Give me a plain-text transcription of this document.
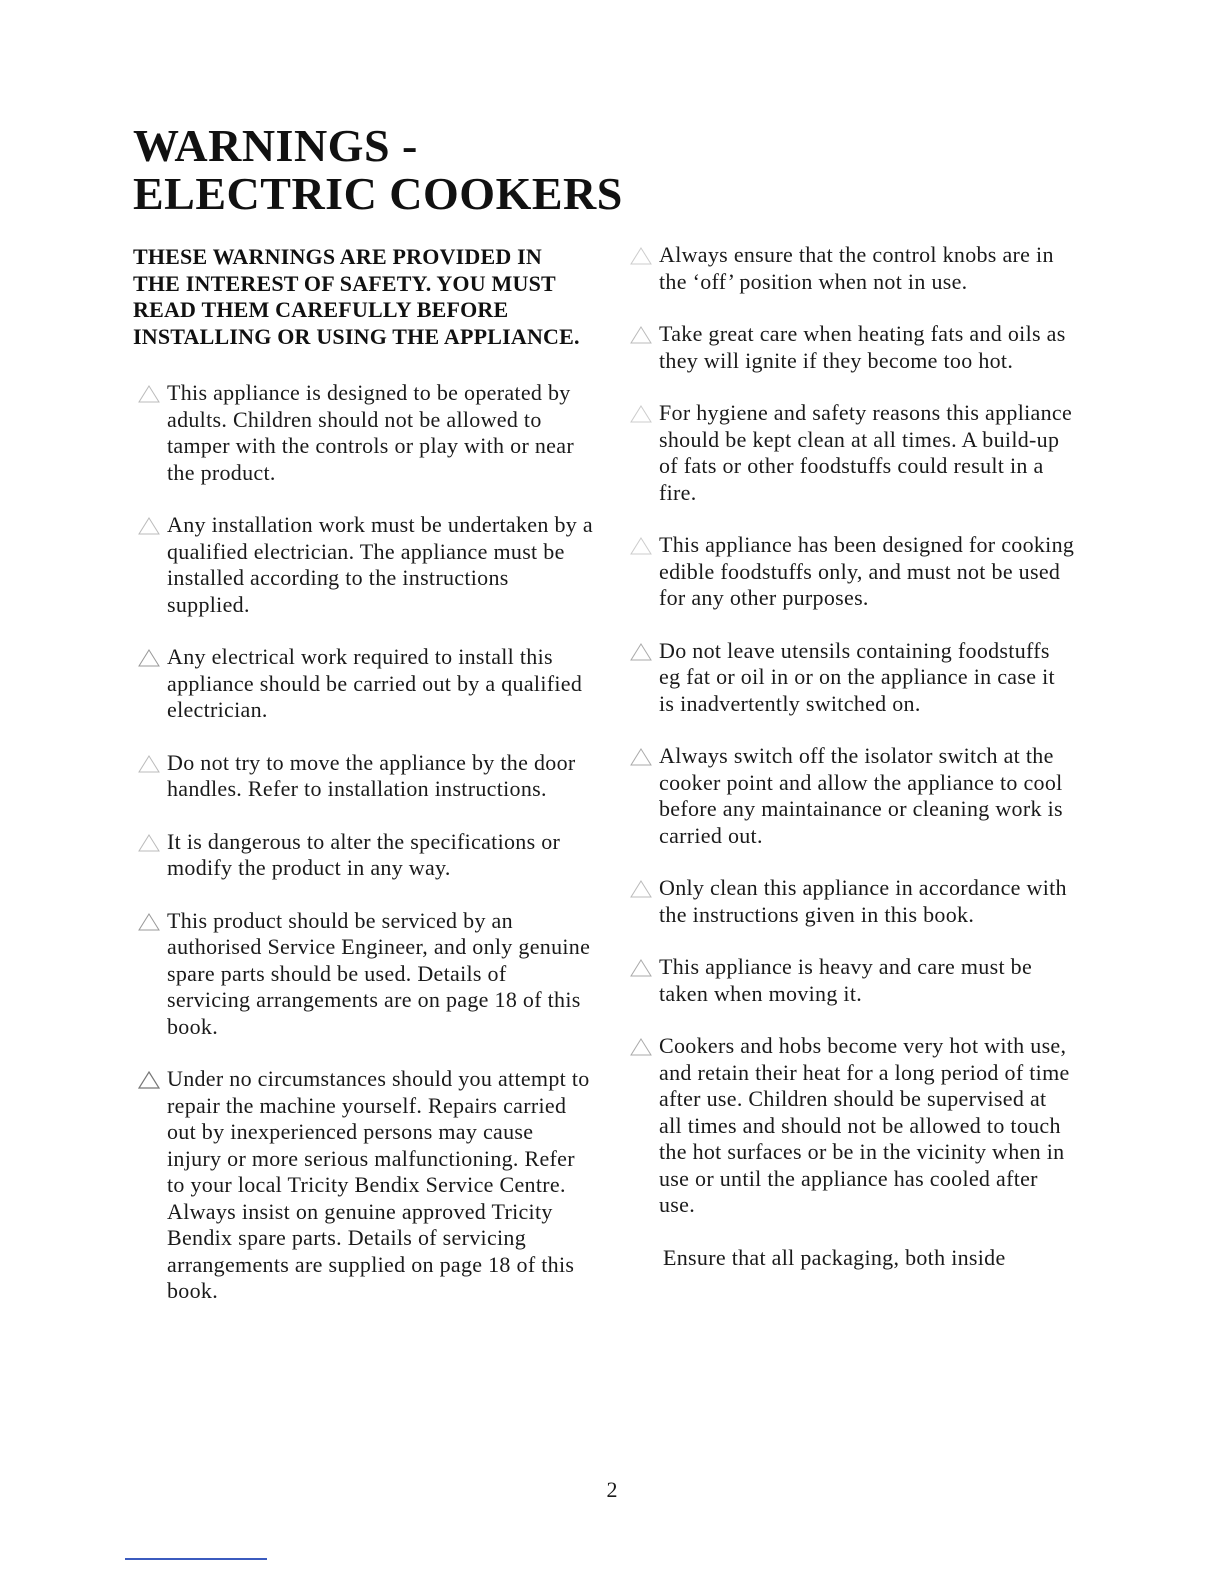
WARNINGS -
ELECTRIC COOKERS

THESE WARNINGS ARE PROVIDED IN THE INTEREST OF SAFETY. YOU MUST READ THEM CAREFULLY BEFORE INSTALLING OR USING THE APPLIANCE.

This appliance is designed to be operated by adults. Children should not be allowed to tamper with the controls or play with or near the product.
Any installation work must be undertaken by a qualified electrician. The appliance must be installed according to the instructions supplied.
Any electrical work required to install this appliance should be carried out by a qualified electrician.
Do not try to move the appliance by the door handles. Refer to installation instructions.
It is dangerous to alter the specifications or modify the product in any way.
This product should be serviced by an authorised Service Engineer, and only genuine spare parts should be used. Details of servicing arrangements are on page 18 of this book.
Under no circumstances should you attempt to repair the machine yourself. Repairs carried out by inexperienced persons may cause injury or more serious malfunctioning. Refer to your local Tricity Bendix Service Centre. Always insist on genuine approved Tricity Bendix spare parts. Details of servicing arrangements are supplied on page 18 of this book.
Always ensure that the control knobs are in the ‘off’ position when not in use.
Take great care when heating fats and oils as they will ignite if they become too hot.
For hygiene and safety reasons this appliance should be kept clean at all times. A build-up of fats or other foodstuffs could result in a fire.
This appliance has been designed for cooking edible foodstuffs only, and must not be used for any other purposes.
Do not leave utensils containing foodstuffs eg fat or oil in or on the appliance in case it is inadvertently switched on.
Always switch off the isolator switch at the cooker point and allow the appliance to cool before any maintainance or cleaning work is carried out.
Only clean this appliance in accordance with the instructions given in this book.
This appliance is heavy and care must be taken when moving it.
Cookers and hobs become very hot with use, and retain their heat for a long period of time after use. Children should be supervised at all times and should not be allowed to touch the hot surfaces or be in the vicinity when in use or until the appliance has cooled after use.
Ensure that all packaging, both inside
2
